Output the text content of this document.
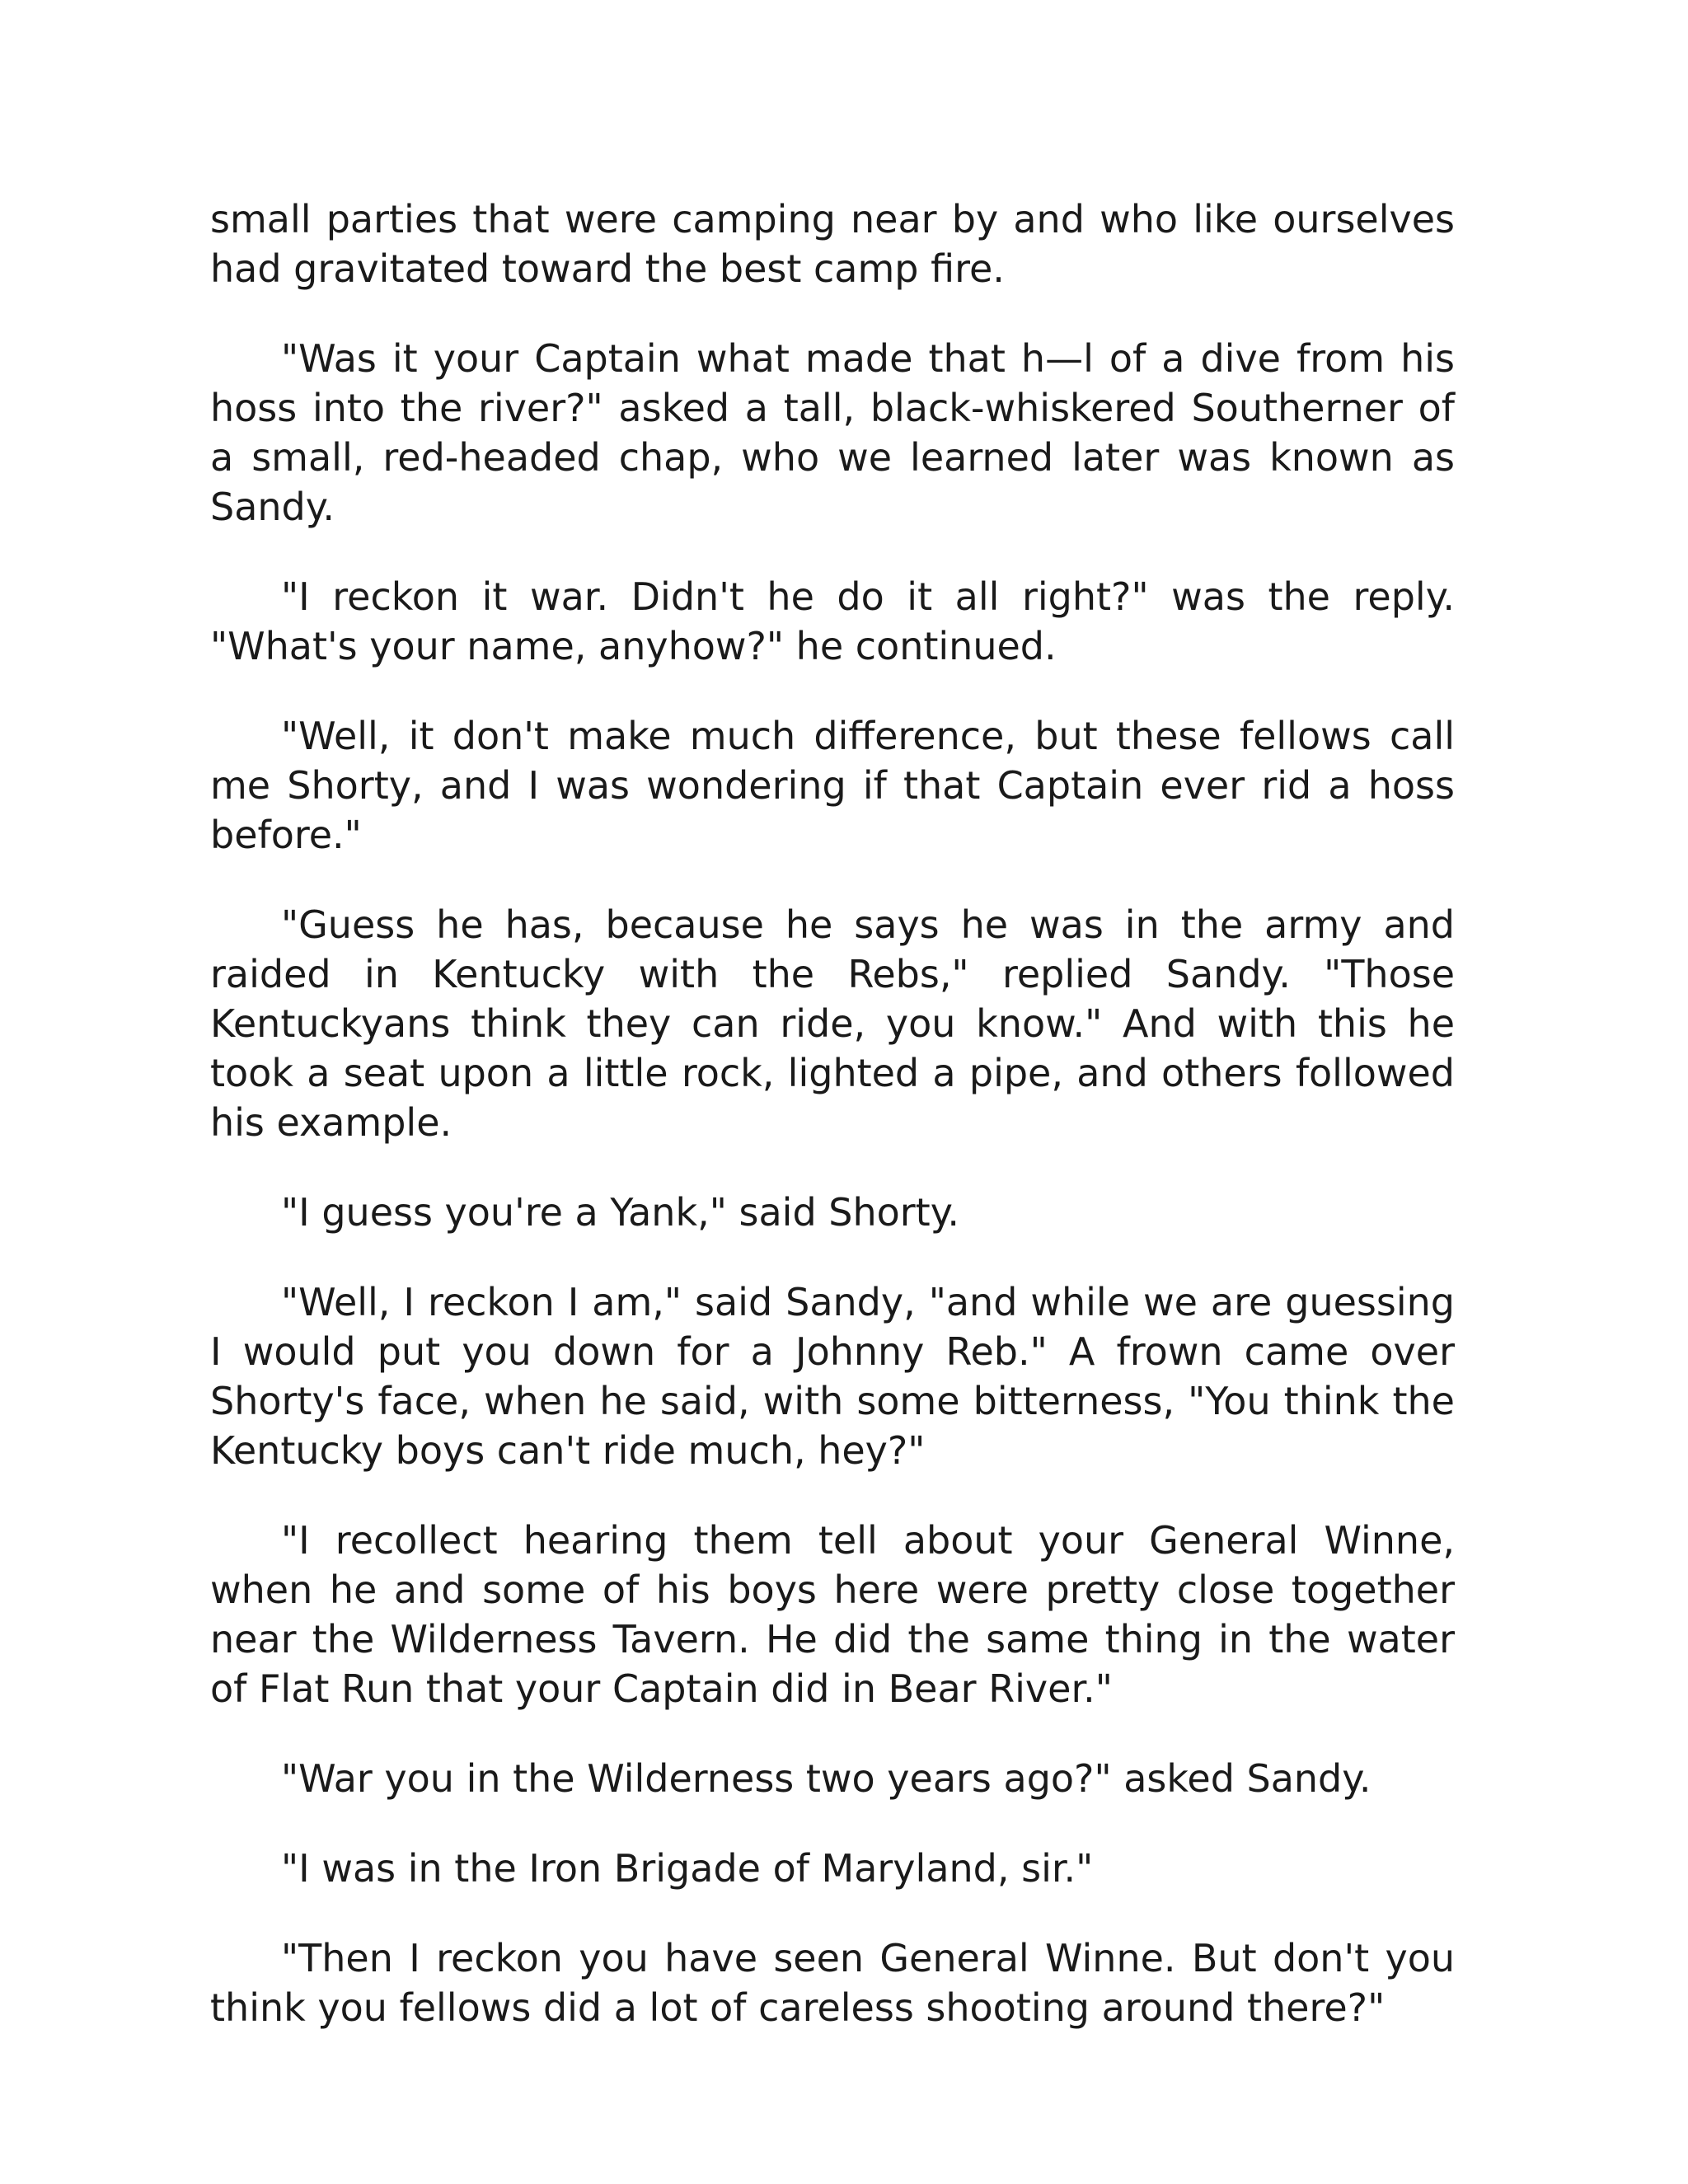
small parties that were camping near by and who like ourselves had gravitated toward the best camp fire.

"Was it your Captain what made that h—l of a dive from his hoss into the river?" asked a tall, black-whiskered Southerner of a small, red-headed chap, who we learned later was known as Sandy.

"I reckon it war. Didn't he do it all right?" was the reply. "What's your name, anyhow?" he continued.

"Well, it don't make much difference, but these fellows call me Shorty, and I was wondering if that Captain ever rid a hoss before."

"Guess he has, because he says he was in the army and raided in Kentucky with the Rebs," replied Sandy. "Those Kentuckyans think they can ride, you know." And with this he took a seat upon a little rock, lighted a pipe, and others followed his example.

"I guess you're a Yank," said Shorty.

"Well, I reckon I am," said Sandy, "and while we are guessing I would put you down for a Johnny Reb." A frown came over Shorty's face, when he said, with some bitterness, "You think the Kentucky boys can't ride much, hey?"

"I recollect hearing them tell about your General Winne, when he and some of his boys here were pretty close together near the Wilderness Tavern. He did the same thing in the water of Flat Run that your Captain did in Bear River."

"War you in the Wilderness two years ago?" asked Sandy.

"I was in the Iron Brigade of Maryland, sir."

"Then I reckon you have seen General Winne. But don't you think you fellows did a lot of careless shooting around there?"
